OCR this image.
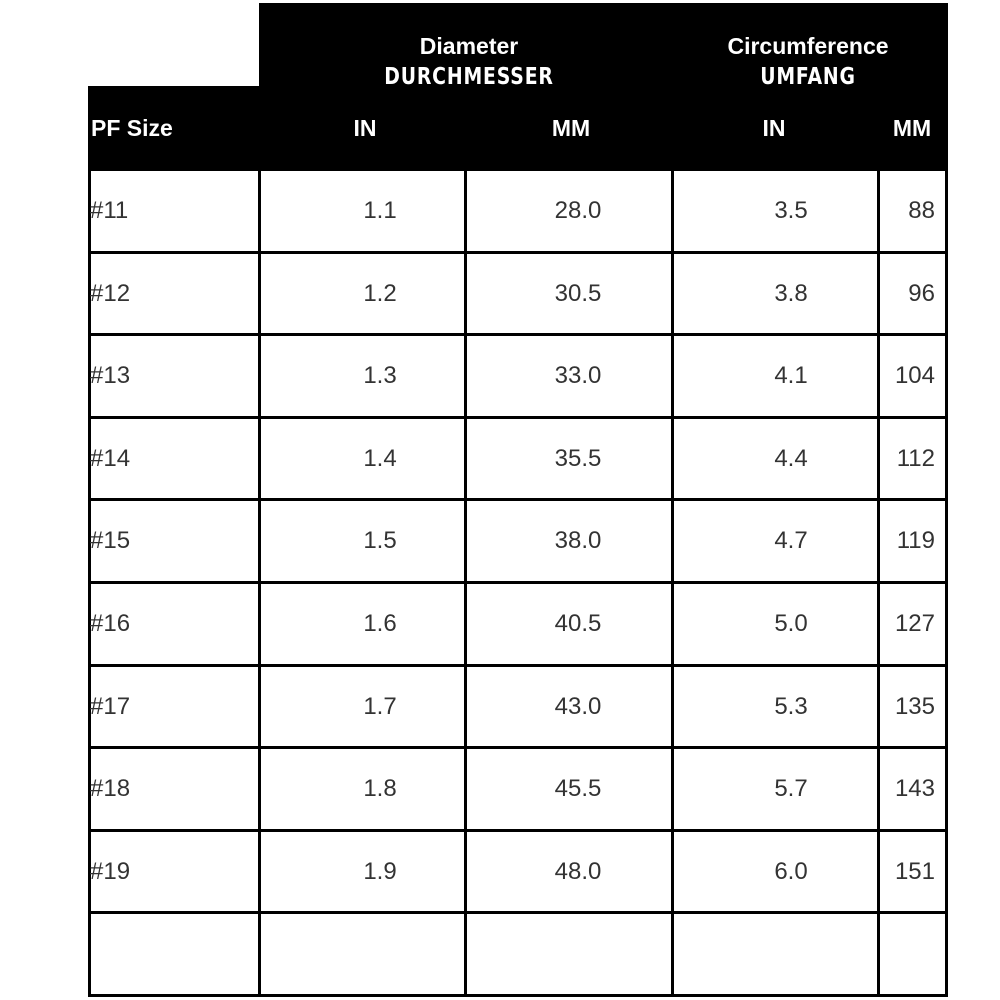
Diameter
DURCHMESSER
Circumference
UMFANG
PF Size	IN	MM	IN	MM
#11	1.1	28.0	3.5	88
#12	1.2	30.5	3.8	96
#13	1.3	33.0	4.1	104
#14	1.4	35.5	4.4	112
#15	1.5	38.0	4.7	119
#16	1.6	40.5	5.0	127
#17	1.7	43.0	5.3	135
#18	1.8	45.5	5.7	143
#19	1.9	48.0	6.0	151
